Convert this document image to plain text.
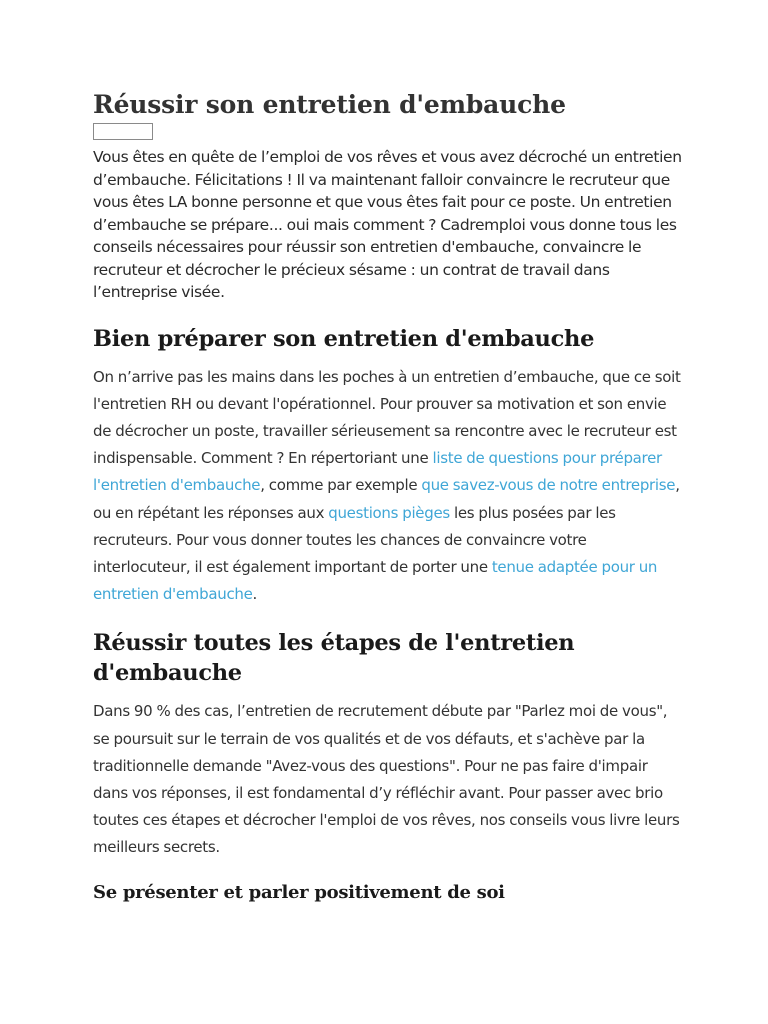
Réussir son entretien d'embauche

Vous êtes en quête de l’emploi de vos rêves et vous avez décroché un entretien d’embauche. Félicitations ! Il va maintenant falloir convaincre le recruteur que vous êtes LA bonne personne et que vous êtes fait pour ce poste. Un entretien d’embauche se prépare... oui mais comment ? Cadremploi vous donne tous les conseils nécessaires pour réussir son entretien d'embauche, convaincre le recruteur et décrocher le précieux sésame : un contrat de travail dans l’entreprise visée.

Bien préparer son entretien d'embauche

On n’arrive pas les mains dans les poches à un entretien d’embauche, que ce soit l'entretien RH ou devant l'opérationnel. Pour prouver sa motivation et son envie de décrocher un poste, travailler sérieusement sa rencontre avec le recruteur est indispensable. Comment ? En répertoriant une liste de questions pour préparer l'entretien d'embauche, comme par exemple que savez-vous de notre entreprise, ou en répétant les réponses aux questions pièges les plus posées par les recruteurs. Pour vous donner toutes les chances de convaincre votre interlocuteur, il est également important de porter une tenue adaptée pour un entretien d'embauche.

Réussir toutes les étapes de l'entretien d'embauche

Dans 90 % des cas, l’entretien de recrutement débute par "Parlez moi de vous", se poursuit sur le terrain de vos qualités et de vos défauts, et s'achève par la traditionnelle demande "Avez-vous des questions". Pour ne pas faire d'impair dans vos réponses, il est fondamental d’y réfléchir avant. Pour passer avec brio toutes ces étapes et décrocher l'emploi de vos rêves, nos conseils vous livre leurs meilleurs secrets.

Se présenter et parler positivement de soi
